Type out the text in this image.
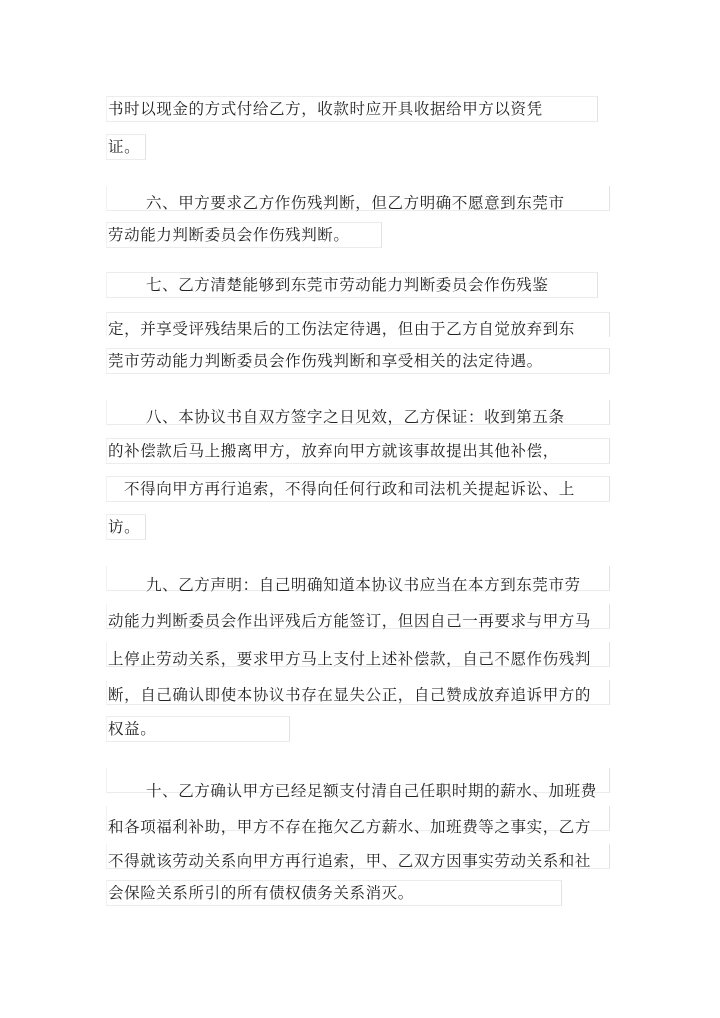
书时以现金的方式付给乙方，收款时应开具收据给甲方以资凭
证。
六、甲方要求乙方作伤残判断，但乙方明确不愿意到东莞市
劳动能力判断委员会作伤残判断。
七、乙方清楚能够到东莞市劳动能力判断委员会作伤残鉴
定，并享受评残结果后的工伤法定待遇，但由于乙方自觉放弃到东
莞市劳动能力判断委员会作伤残判断和享受相关的法定待遇。
八、本协议书自双方签字之日见效，乙方保证：收到第五条
的补偿款后马上搬离甲方，放弃向甲方就该事故提出其他补偿，
不得向甲方再行追索，不得向任何行政和司法机关提起诉讼、上
访。
九、乙方声明：自己明确知道本协议书应当在本方到东莞市劳
动能力判断委员会作出评残后方能签订，但因自己一再要求与甲方马
上停止劳动关系，要求甲方马上支付上述补偿款，自己不愿作伤残判
断，自己确认即使本协议书存在显失公正，自己赞成放弃追诉甲方的
权益。
十、乙方确认甲方已经足额支付清自己任职时期的薪水、加班费
和各项福利补助，甲方不存在拖欠乙方薪水、加班费等之事实，乙方
不得就该劳动关系向甲方再行追索，甲、乙双方因事实劳动关系和社
会保险关系所引的所有债权债务关系消灭。
